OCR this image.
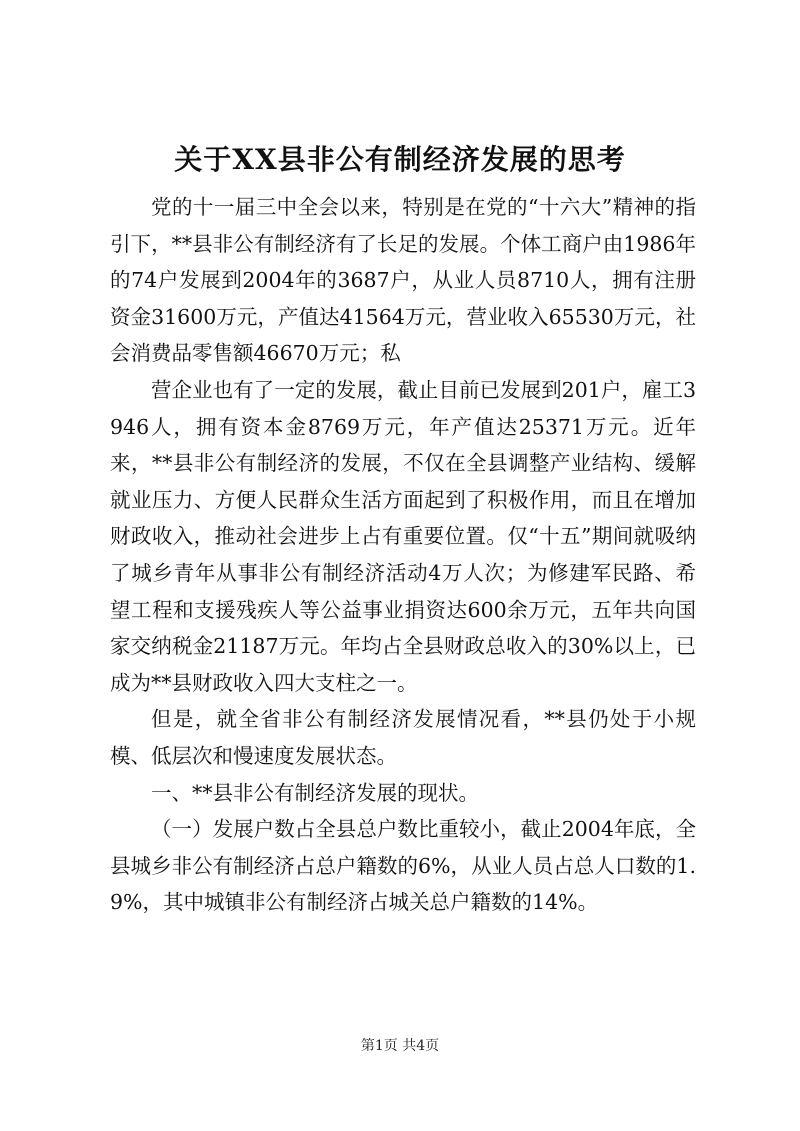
关于XX县非公有制经济发展的思考

党的十一届三中全会以来，特别是在党的“十六大”精神的指引下，**县非公有制经济有了长足的发展。个体工商户由1986年的74户发展到2004年的3687户，从业人员8710人，拥有注册资金31600万元，产值达41564万元，营业收入65530万元，社会消费品零售额46670万元；私

营企业也有了一定的发展，截止目前已发展到201户，雇工3946人，拥有资本金8769万元，年产值达25371万元。近年来，**县非公有制经济的发展，不仅在全县调整产业结构、缓解就业压力、方便人民群众生活方面起到了积极作用，而且在增加财政收入，推动社会进步上占有重要位置。仅“十五”期间就吸纳了城乡青年从事非公有制经济活动4万人次；为修建军民路、希望工程和支援残疾人等公益事业捐资达600余万元，五年共向国家交纳税金21187万元。年均占全县财政总收入的30%以上，已成为**县财政收入四大支柱之一。

但是，就全省非公有制经济发展情况看，**县仍处于小规模、低层次和慢速度发展状态。

一、**县非公有制经济发展的现状。

（一）发展户数占全县总户数比重较小，截止2004年底，全县城乡非公有制经济占总户籍数的6%，从业人员占总人口数的1.9%，其中城镇非公有制经济占城关总户籍数的14%。

第1页 共4页
